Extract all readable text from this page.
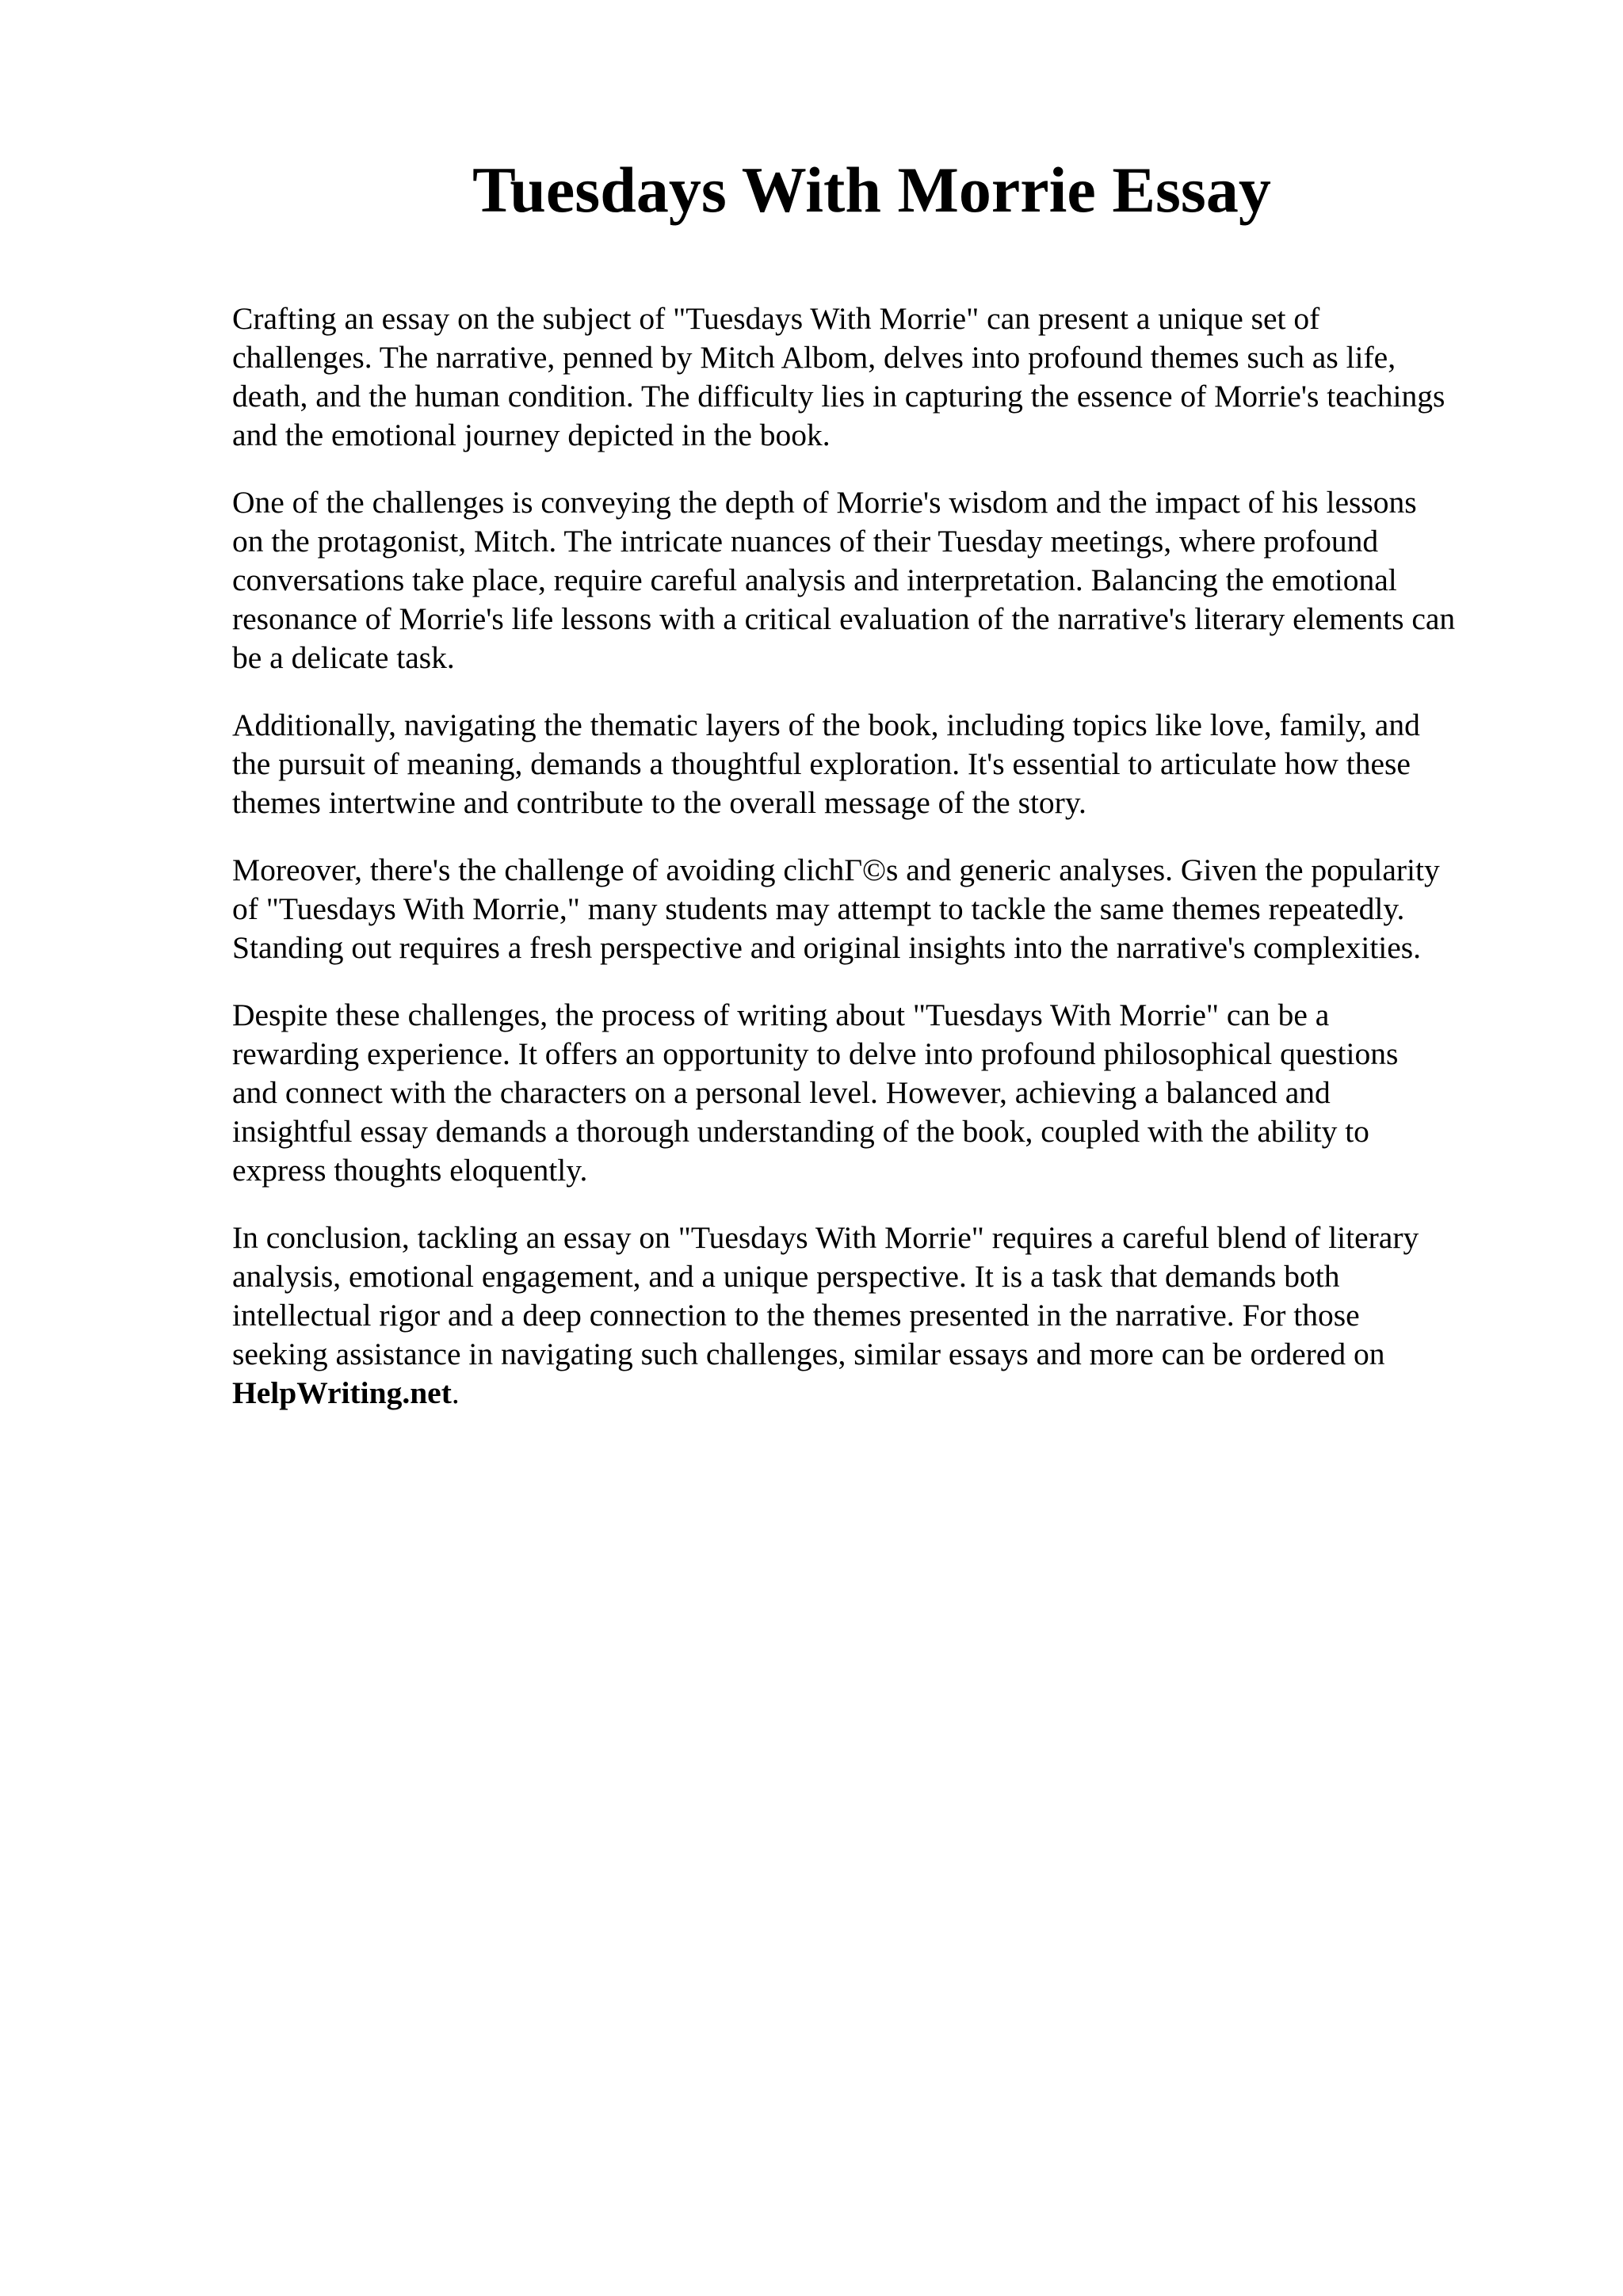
Tuesdays With Morrie Essay

Crafting an essay on the subject of "Tuesdays With Morrie" can present a unique set of
challenges. The narrative, penned by Mitch Albom, delves into profound themes such as life,
death, and the human condition. The difficulty lies in capturing the essence of Morrie's teachings
and the emotional journey depicted in the book.

One of the challenges is conveying the depth of Morrie's wisdom and the impact of his lessons
on the protagonist, Mitch. The intricate nuances of their Tuesday meetings, where profound
conversations take place, require careful analysis and interpretation. Balancing the emotional
resonance of Morrie's life lessons with a critical evaluation of the narrative's literary elements can
be a delicate task.

Additionally, navigating the thematic layers of the book, including topics like love, family, and
the pursuit of meaning, demands a thoughtful exploration. It's essential to articulate how these
themes intertwine and contribute to the overall message of the story.

Moreover, there's the challenge of avoiding clichΓ©s and generic analyses. Given the popularity
of "Tuesdays With Morrie," many students may attempt to tackle the same themes repeatedly.
Standing out requires a fresh perspective and original insights into the narrative's complexities.

Despite these challenges, the process of writing about "Tuesdays With Morrie" can be a
rewarding experience. It offers an opportunity to delve into profound philosophical questions
and connect with the characters on a personal level. However, achieving a balanced and
insightful essay demands a thorough understanding of the book, coupled with the ability to
express thoughts eloquently.

In conclusion, tackling an essay on "Tuesdays With Morrie" requires a careful blend of literary
analysis, emotional engagement, and a unique perspective. It is a task that demands both
intellectual rigor and a deep connection to the themes presented in the narrative. For those
seeking assistance in navigating such challenges, similar essays and more can be ordered on
HelpWriting.net.
